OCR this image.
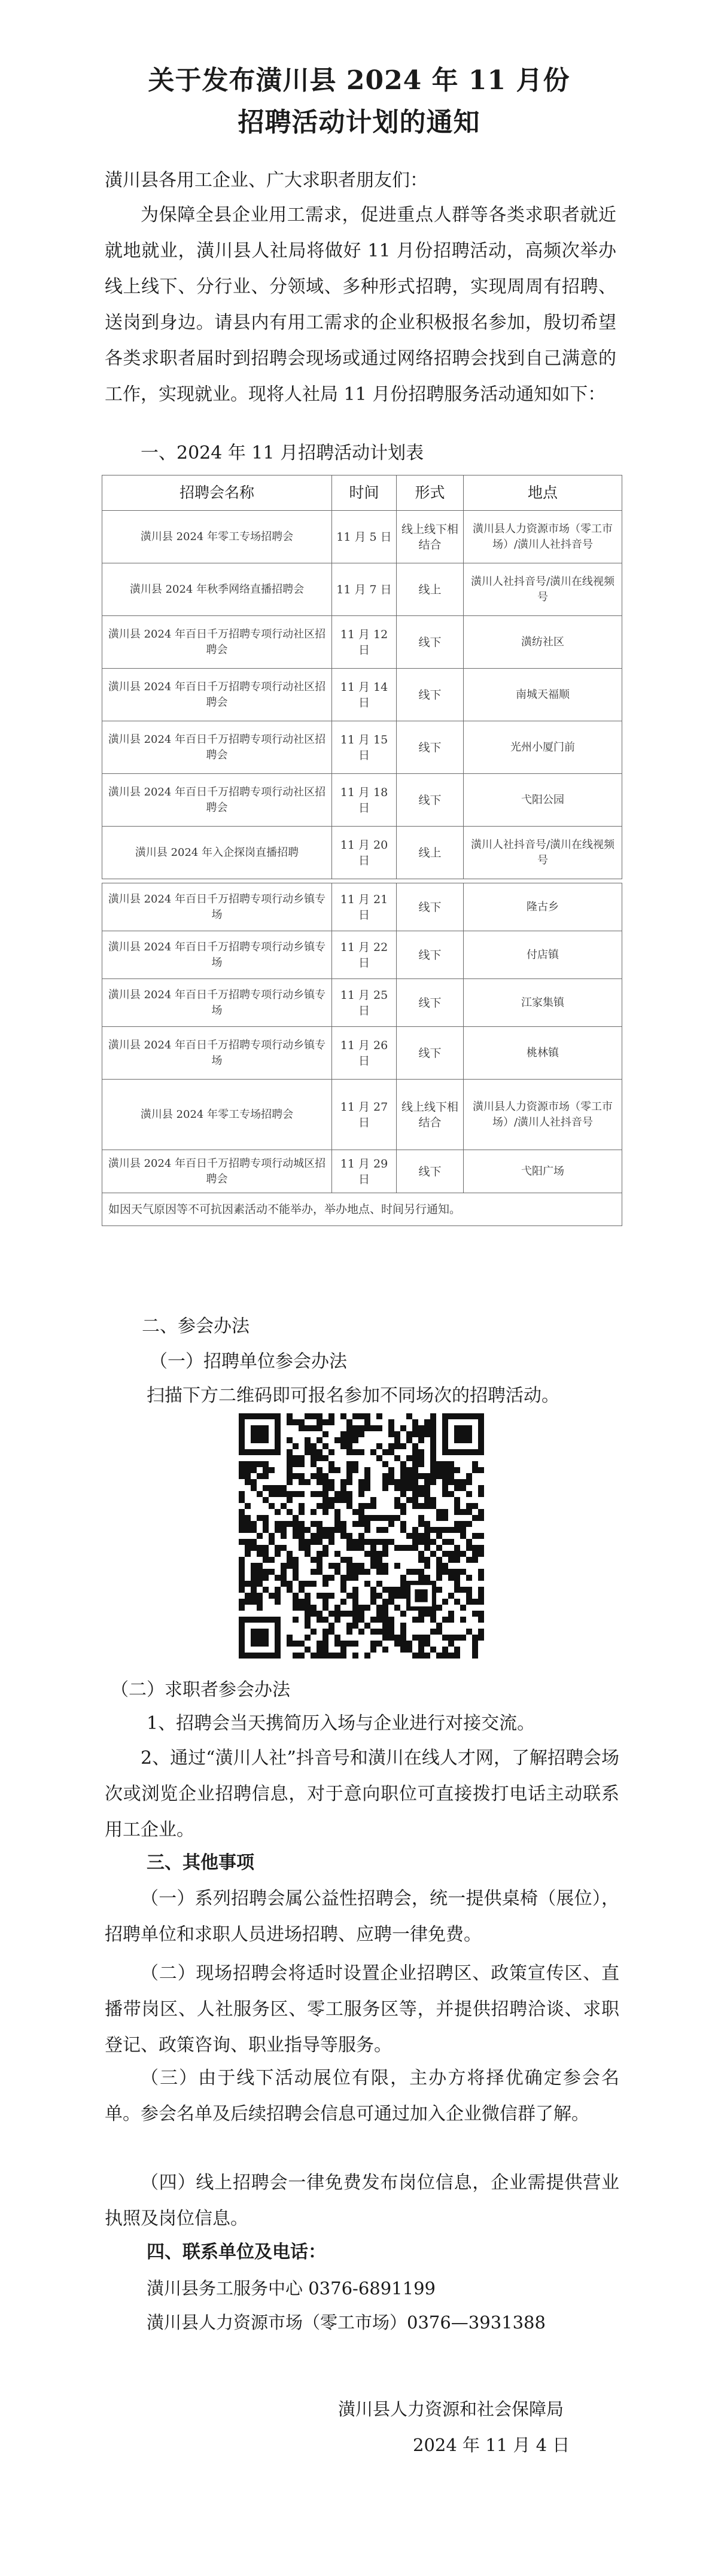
关于发布潢川县 2024 年 11 月份
招聘活动计划的通知
潢川县各用工企业、广大求职者朋友们：
为保障全县企业用工需求，促进重点人群等各类求职者就近就地就业，潢川县人社局将做好 11 月份招聘活动，高频次举办线上线下、分行业、分领域、多种形式招聘，实现周周有招聘、送岗到身边。请县内有用工需求的企业积极报名参加，殷切希望各类求职者届时到招聘会现场或通过网络招聘会找到自己满意的工作，实现就业。现将人社局 11 月份招聘服务活动通知如下：
一、2024 年 11 月招聘活动计划表
招聘会名称	时间	形式	地点
潢川县 2024 年零工专场招聘会	11 月 5 日	线上线下相结合	潢川县人力资源市场（零工市场）/潢川人社抖音号
潢川县 2024 年秋季网络直播招聘会	11 月 7 日	线上	潢川人社抖音号/潢川在线视频号
潢川县 2024 年百日千万招聘专项行动社区招聘会	11 月 12 日	线下	潢纺社区
潢川县 2024 年百日千万招聘专项行动社区招聘会	11 月 14 日	线下	南城天福顺
潢川县 2024 年百日千万招聘专项行动社区招聘会	11 月 15 日	线下	光州小厦门前
潢川县 2024 年百日千万招聘专项行动社区招聘会	11 月 18 日	线下	弋阳公园
潢川县 2024 年入企探岗直播招聘	11 月 20 日	线上	潢川人社抖音号/潢川在线视频号

潢川县 2024 年百日千万招聘专项行动乡镇专场	11 月 21 日	线下	隆古乡
潢川县 2024 年百日千万招聘专项行动乡镇专场	11 月 22 日	线下	付店镇
潢川县 2024 年百日千万招聘专项行动乡镇专场	11 月 25 日	线下	江家集镇
潢川县 2024 年百日千万招聘专项行动乡镇专场	11 月 26 日	线下	桃林镇
潢川县 2024 年零工专场招聘会	11 月 27 日	线上线下相结合	潢川县人力资源市场（零工市场）/潢川人社抖音号
潢川县 2024 年百日千万招聘专项行动城区招聘会	11 月 29 日	线下	弋阳广场
如因天气原因等不可抗因素活动不能举办，举办地点、时间另行通知。			
二、参会办法
（一）招聘单位参会办法
扫描下方二维码即可报名参加不同场次的招聘活动。
（二）求职者参会办法
1、招聘会当天携简历入场与企业进行对接交流。
2、通过“潢川人社”抖音号和潢川在线人才网，了解招聘会场次或浏览企业招聘信息，对于意向职位可直接拨打电话主动联系用工企业。
三、其他事项
（一）系列招聘会属公益性招聘会，统一提供桌椅（展位），招聘单位和求职人员进场招聘、应聘一律免费。
（二）现场招聘会将适时设置企业招聘区、政策宣传区、直播带岗区、人社服务区、零工服务区等，并提供招聘洽谈、求职登记、政策咨询、职业指导等服务。
（三）由于线下活动展位有限，主办方将择优确定参会名单。参会名单及后续招聘会信息可通过加入企业微信群了解。
（四）线上招聘会一律免费发布岗位信息，企业需提供营业执照及岗位信息。
四、联系单位及电话：
潢川县务工服务中心 0376-6891199
潢川县人力资源市场（零工市场）0376—3931388
潢川县人力资源和社会保障局
2024 年 11 月 4 日
